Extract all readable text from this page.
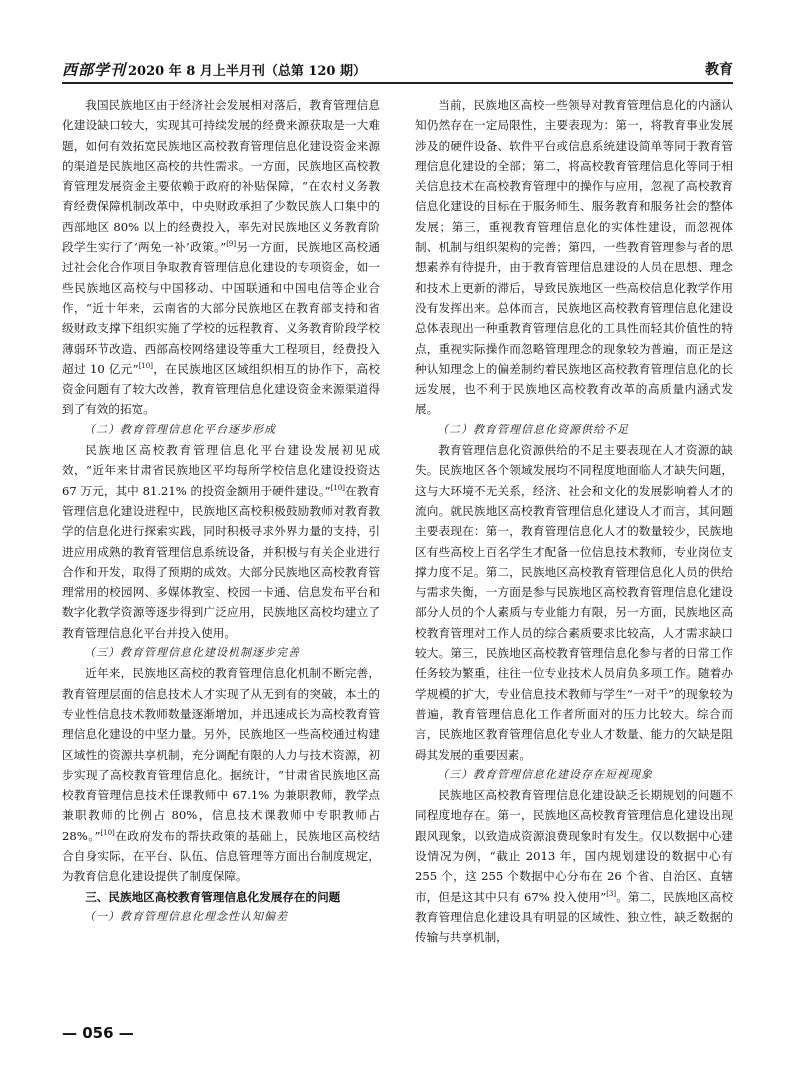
西部学刊 2020 年 8 月上半月刊（总第 120 期）	教育

我国民族地区由于经济社会发展相对落后，教育管理信息化建设缺口较大，实现其可持续发展的经费来源获取是一大难题，如何有效拓宽民族地区高校教育管理信息化建设资金来源的渠道是民族地区高校的共性需求。一方面，民族地区高校教育管理发展资金主要依赖于政府的补贴保障，“在农村义务教育经费保障机制改革中，中央财政承担了少数民族人口集中的西部地区 80% 以上的经费投入，率先对民族地区义务教育阶段学生实行了‘两免一补’政策。”[9]另一方面，民族地区高校通过社会化合作项目争取教育管理信息化建设的专项资金，如一些民族地区高校与中国移动、中国联通和中国电信等企业合作，“近十年来，云南省的大部分民族地区在教育部支持和省级财政支撑下组织实施了学校的远程教育、义务教育阶段学校薄弱环节改造、西部高校网络建设等重大工程项目，经费投入超过 10 亿元”[10]，在民族地区区域组织相互的协作下，高校资金问题有了较大改善，教育管理信息化建设资金来源渠道得到了有效的拓宽。

（二）教育管理信息化平台逐步形成

民族地区高校教育管理信息化平台建设发展初见成效，“近年来甘肃省民族地区平均每所学校信息化建设投资达 67 万元，其中 81.21% 的投资金额用于硬件建设。”[10]在教育管理信息化建设进程中，民族地区高校积极鼓励教师对教育教学的信息化进行探索实践，同时积极寻求外界力量的支持，引进应用成熟的教育管理信息系统设备，并积极与有关企业进行合作和开发，取得了预期的成效。大部分民族地区高校教育管理常用的校园网、多媒体教室、校园一卡通、信息发布平台和数字化教学资源等逐步得到广泛应用，民族地区高校均建立了教育管理信息化平台并投入使用。

（三）教育管理信息化建设机制逐步完善

近年来，民族地区高校的教育管理信息化机制不断完善，教育管理层面的信息技术人才实现了从无到有的突破，本土的专业性信息技术教师数量逐渐增加，并迅速成长为高校教育管理信息化建设的中坚力量。另外，民族地区一些高校通过构建区域性的资源共享机制，充分调配有限的人力与技术资源，初步实现了高校教育管理信息化。据统计，“甘肃省民族地区高校教育管理信息技术任课教师中 67.1% 为兼职教师，教学点兼职教师的比例占 80%，信息技术课教师中专职教师占 28%。”[10]在政府发布的帮扶政策的基础上，民族地区高校结合自身实际，在平台、队伍、信息管理等方面出台制度规定，为教育信息化建设提供了制度保障。

三、民族地区高校教育管理信息化发展存在的问题

（一）教育管理信息化理念性认知偏差

当前，民族地区高校一些领导对教育管理信息化的内涵认知仍然存在一定局限性，主要表现为：第一，将教育事业发展涉及的硬件设备、软件平台或信息系统建设简单等同于教育管理信息化建设的全部；第二，将高校教育管理信息化等同于相关信息技术在高校教育管理中的操作与应用，忽视了高校教育信息化建设的目标在于服务师生、服务教育和服务社会的整体发展；第三，重视教育管理信息化的实体性建设，而忽视体制、机制与组织架构的完善；第四，一些教育管理参与者的思想素养有待提升，由于教育管理信息建设的人员在思想、理念和技术上更新的滞后，导致民族地区一些高校信息化教学作用没有发挥出来。总体而言，民族地区高校教育管理信息化建设总体表现出一种重教育管理信息化的工具性而轻其价值性的特点，重视实际操作而忽略管理理念的现象较为普遍，而正是这种认知理念上的偏差制约着民族地区高校教育管理信息化的长远发展，也不利于民族地区高校教育改革的高质量内涵式发展。

（二）教育管理信息化资源供给不足

教育管理信息化资源供给的不足主要表现在人才资源的缺失。民族地区各个领域发展均不同程度地面临人才缺失问题，这与大环境不无关系，经济、社会和文化的发展影响着人才的流向。就民族地区高校教育管理信息化建设人才而言，其问题主要表现在：第一，教育管理信息化人才的数量较少，民族地区有些高校上百名学生才配备一位信息技术教师，专业岗位支撑力度不足。第二，民族地区高校教育管理信息化人员的供给与需求失衡，一方面是参与民族地区高校教育管理信息化建设部分人员的个人素质与专业能力有限，另一方面，民族地区高校教育管理对工作人员的综合素质要求比较高，人才需求缺口较大。第三，民族地区高校教育管理信息化参与者的日常工作任务较为繁重，往往一位专业技术人员肩负多项工作。随着办学规模的扩大，专业信息技术教师与学生“一对千”的现象较为普遍，教育管理信息化工作者所面对的压力比较大。综合而言，民族地区教育管理信息化专业人才数量、能力的欠缺是阻碍其发展的重要因素。

（三）教育管理信息化建设存在短视现象

民族地区高校教育管理信息化建设缺乏长期规划的问题不同程度地存在。第一，民族地区高校教育管理信息化建设出现跟风现象，以致造成资源浪费现象时有发生。仅以数据中心建设情况为例，“截止 2013 年，国内规划建设的数据中心有 255 个，这 255 个数据中心分布在 26 个省、自治区、直辖市，但是这其中只有 67% 投入使用”[3]。第二，民族地区高校教育管理信息化建设具有明显的区域性、独立性，缺乏数据的传输与共享机制，

— 056 —
